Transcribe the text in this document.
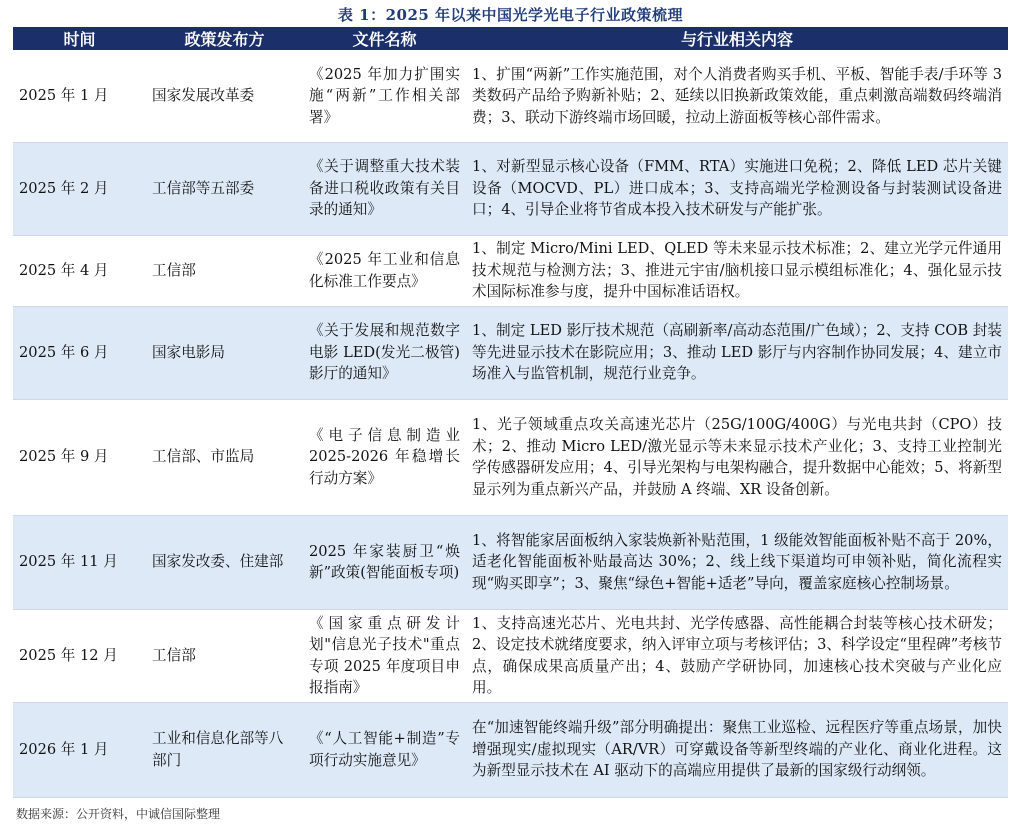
表 1：2025 年以来中国光学光电子行业政策梳理
时间	政策发布方	文件名称	与行业相关内容
2025 年 1 月	国家发展改革委	《2025 年加力扩围实施“两新”工作相关部署》	1、扩围“两新”工作实施范围，对个人消费者购买手机、平板、智能手表/手环等 3 类数码产品给予购新补贴；2、延续以旧换新政策效能，重点刺激高端数码终端消费；3、联动下游终端市场回暖，拉动上游面板等核心部件需求。
2025 年 2 月	工信部等五部委	《关于调整重大技术装备进口税收政策有关目录的通知》	1、对新型显示核心设备（FMM、RTA）实施进口免税；2、降低 LED 芯片关键设备（MOCVD、PL）进口成本；3、支持高端光学检测设备与封装测试设备进口；4、引导企业将节省成本投入技术研发与产能扩张。
2025 年 4 月	工信部	《2025 年工业和信息化标准工作要点》	1、制定 Micro/Mini LED、QLED 等未来显示技术标准；2、建立光学元件通用技术规范与检测方法；3、推进元宇宙/脑机接口显示模组标准化；4、强化显示技术国际标准参与度，提升中国标准话语权。
2025 年 6 月	国家电影局	《关于发展和规范数字电影 LED(发光二极管)影厅的通知》	1、制定 LED 影厅技术规范（高刷新率/高动态范围/广色域）；2、支持 COB 封装等先进显示技术在影院应用；3、推动 LED 影厅与内容制作协同发展；4、建立市场准入与监管机制，规范行业竞争。
2025 年 9 月	工信部、市监局	《电子信息制造业 2025-2026 年稳增长行动方案》	1、光子领域重点攻关高速光芯片（25G/100G/400G）与光电共封（CPO）技术；2、推动 Micro LED/激光显示等未来显示技术产业化；3、支持工业控制光学传感器研发应用；4、引导光架构与电架构融合，提升数据中心能效；5、将新型显示列为重点新兴产品，并鼓励 A 终端、XR 设备创新。
2025 年 11 月	国家发改委、住建部	2025 年家装厨卫“焕新”政策(智能面板专项)	1、将智能家居面板纳入家装焕新补贴范围，1 级能效智能面板补贴不高于 20%，适老化智能面板补贴最高达 30%；2、线上线下渠道均可申领补贴，简化流程实现“购买即享”；3、聚焦“绿色+智能+适老”导向，覆盖家庭核心控制场景。
2025 年 12 月	工信部	《国家重点研发计划"信息光子技术"重点专项 2025 年度项目申报指南》	1、支持高速光芯片、光电共封、光学传感器、高性能耦合封装等核心技术研发；2、设定技术就绪度要求，纳入评审立项与考核评估；3、科学设定“里程碑”考核节点，确保成果高质量产出；4、鼓励产学研协同，加速核心技术突破与产业化应用。
2026 年 1 月	工业和信息化部等八部门	《“人工智能+制造”专项行动实施意见》	在“加速智能终端升级”部分明确提出：聚焦工业巡检、远程医疗等重点场景，加快增强现实/虚拟现实（AR/VR）可穿戴设备等新型终端的产业化、商业化进程。这为新型显示技术在 AI 驱动下的高端应用提供了最新的国家级行动纲领。
数据来源：公开资料，中诚信国际整理
